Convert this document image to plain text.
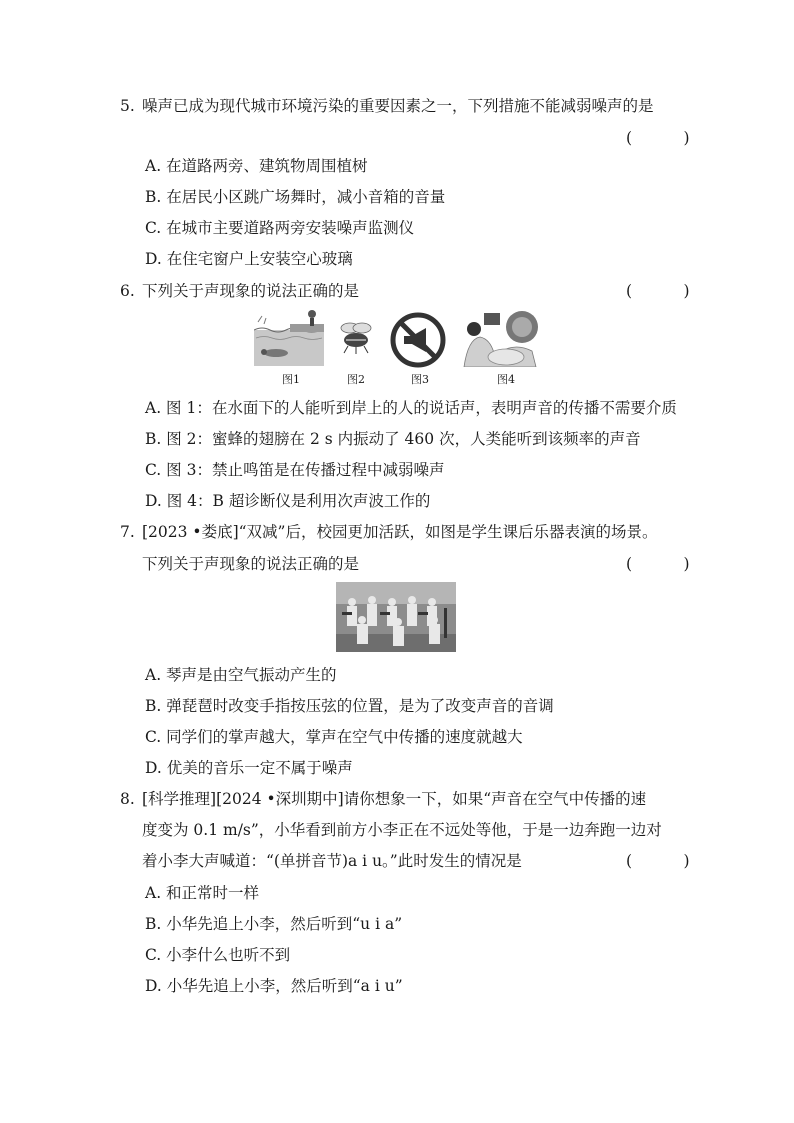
5. 噪声已成为现代城市环境污染的重要因素之一，下列措施不能减弱噪声的是
(　)
A. 在道路两旁、建筑物周围植树
B. 在居民小区跳广场舞时，减小音箱的音量
C. 在城市主要道路两旁安装噪声监测仪
D. 在住宅窗户上安装空心玻璃
6. 下列关于声现象的说法正确的是	(　)
图1	图2	图3	图4
A. 图 1：在水面下的人能听到岸上的人的说话声，表明声音的传播不需要介质
B. 图 2：蜜蜂的翅膀在 2 s 内振动了 460 次，人类能听到该频率的声音
C. 图 3：禁止鸣笛是在传播过程中减弱噪声
D. 图 4：B 超诊断仪是利用次声波工作的
7. [2023 •娄底]“双减”后，校园更加活跃，如图是学生课后乐器表演的场景。
下列关于声现象的说法正确的是	(　)
A. 琴声是由空气振动产生的
B. 弹琵琶时改变手指按压弦的位置，是为了改变声音的音调
C. 同学们的掌声越大，掌声在空气中传播的速度就越大
D. 优美的音乐一定不属于噪声
8. [科学推理][2024 •深圳期中]请你想象一下，如果“声音在空气中传播的速
度变为 0.1 m/s”，小华看到前方小李正在不远处等他，于是一边奔跑一边对
着小李大声喊道：“(单拼音节)a i u。”此时发生的情况是	(　)
A. 和正常时一样
B. 小华先追上小李，然后听到“u i a”
C. 小李什么也听不到
D. 小华先追上小李，然后听到“a i u”
